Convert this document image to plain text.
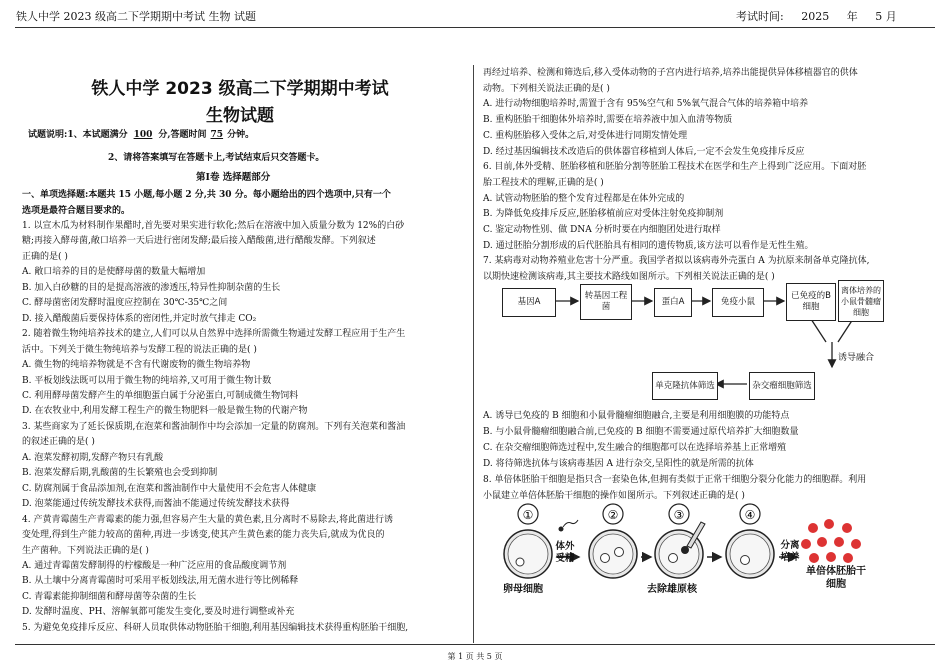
铁人中学 2023 级高二下学期期中考试 生物 试题	考试时间: 2025 年 5 月
铁人中学 2023 级高二下学期期中考试
生物试题

试题说明:1、本试题满分 100 分,答题时间 75 分钟。

2、请将答案填写在答题卡上,考试结束后只交答题卡。
第Ⅰ卷 选择题部分

一、单项选择题:本题共 15 小题,每小题 2 分,共 30 分。每小题给出的四个选项中,只有一个

选项是最符合题目要求的。

1. 以宣木瓜为材料制作果醋时,首先要对果实进行软化;然后在溶液中加入质量分数为 12%的白砂

糖;再接入酵母菌,敞口培养一天后进行密闭发酵;最后接入醋酸菌,进行醋酸发酵。下列叙述

正确的是( )

A. 敞口培养的目的是使酵母菌的数量大幅增加

B. 加入白砂糖的目的是提高溶液的渗透压,特异性抑制杂菌的生长

C. 酵母菌密闭发酵时温度应控制在 30℃-35℃之间

D. 接入醋酸菌后要保持体系的密闭性,并定时放气排走 CO₂

2. 随着微生物纯培养技术的建立,人们可以从自然界中选择所需微生物通过发酵工程应用于生产生

活中。下列关于微生物纯培养与发酵工程的说法正确的是( )

A. 微生物的纯培养物就是不含有代谢废物的微生物培养物

B. 平板划线法既可以用于微生物的纯培养,又可用于微生物计数

C. 利用酵母菌发酵产生的单细胞蛋白属于分泌蛋白,可制成微生物饲料

D. 在农牧业中,利用发酵工程生产的微生物肥料一般是微生物的代谢产物

3. 某些商家为了延长保质期,在泡菜和酱油制作中均会添加一定量的防腐剂。下列有关泡菜和酱油

的叙述正确的是( )

A. 泡菜发酵初期,发酵产物只有乳酸

B. 泡菜发酵后期,乳酸菌的生长繁殖也会受到抑制

C. 防腐剂属于食品添加剂,在泡菜和酱油制作中大量使用不会危害人体健康

D. 泡菜能通过传统发酵技术获得,而酱油不能通过传统发酵技术获得

4. 产黄青霉菌生产青霉素的能力强,但容易产生大量的黄色素,且分离时不易除去,将此菌进行诱

变处理,得到生产能力较高的菌种,再进一步诱变,使其产生黄色素的能力丧失后,就成为优良的

生产菌种。下列说法正确的是( )

A. 通过青霉菌发酵制得的柠檬酸是一种广泛应用的食品酸度调节剂

B. 从土壤中分离青霉菌时可采用平板划线法,用无菌水进行等比例稀释

C. 青霉素能抑制细菌和酵母菌等杂菌的生长

D. 发酵时温度、PH、溶解氧都可能发生变化,要及时进行调整或补充

5. 为避免免疫排斥反应、科研人员取供体动物胚胎干细胞,利用基因编辑技术获得重构胚胎干细胞,

再经过培养、检测和筛选后,移入受体动物的子宫内进行培养,培养出能提供异体移植器官的供体

动物。下列相关说法正确的是( )

A. 进行动物细胞培养时,需置于含有 95%空气和 5%氧气混合气体的培养箱中培养

B. 重构胚胎干细胞体外培养时,需要在培养液中加入血清等物质

C. 重构胚胎移入受体之后,对受体进行同期发情处理

D. 经过基因编辑技术改造后的供体器官移植到人体后,一定不会发生免疫排斥反应

6. 目前,体外受精、胚胎移植和胚胎分割等胚胎工程技术在医学和生产上得到广泛应用。下面对胚

胎工程技术的理解,正确的是( )

A. 试管动物胚胎的整个发育过程都是在体外完成的

B. 为降低免疫排斥反应,胚胎移植前应对受体注射免疫抑制剂

C. 鉴定动物性别、做 DNA 分析时要在内细胞团处进行取样

D. 通过胚胎分割形成的后代胚胎具有相同的遗传物质,该方法可以看作是无性生殖。

7. 某病毒对动物养殖业危害十分严重。我国学者拟以该病毒外壳蛋白 A 为抗原来制备单克隆抗体,

以期快速检测该病毒,其主要技术路线如图所示。下列相关说法正确的是( )

基因A
转基因工程菌	蛋白A	免疫小鼠
已免疫的B细胞
离体培养的小鼠骨髓瘤细胞
诱导融合
杂交瘤细胞筛选
单克隆抗体筛选

A. 诱导已免疫的 B 细胞和小鼠骨髓瘤细胞融合,主要是利用细胞膜的功能特点

B. 与小鼠骨髓瘤细胞融合前,已免疫的 B 细胞不需要通过原代培养扩大细胞数量

C. 在杂交瘤细胞筛选过程中,发生融合的细胞都可以在选择培养基上正常增殖

D. 将待筛选抗体与该病毒基因 A 进行杂交,呈阳性的就是所需的抗体

8. 单倍体胚胎干细胞是指只含一套染色体,但拥有类似于正常干细胞分裂分化能力的细胞群。利用

小鼠建立单倍体胚胎干细胞的操作如图所示。下列叙述正确的是( )

①	②	③	④
体外受精
分离培养
卵母细胞	去除雄原核
单倍体胚胎干细胞
第 1 页 共 5 页
